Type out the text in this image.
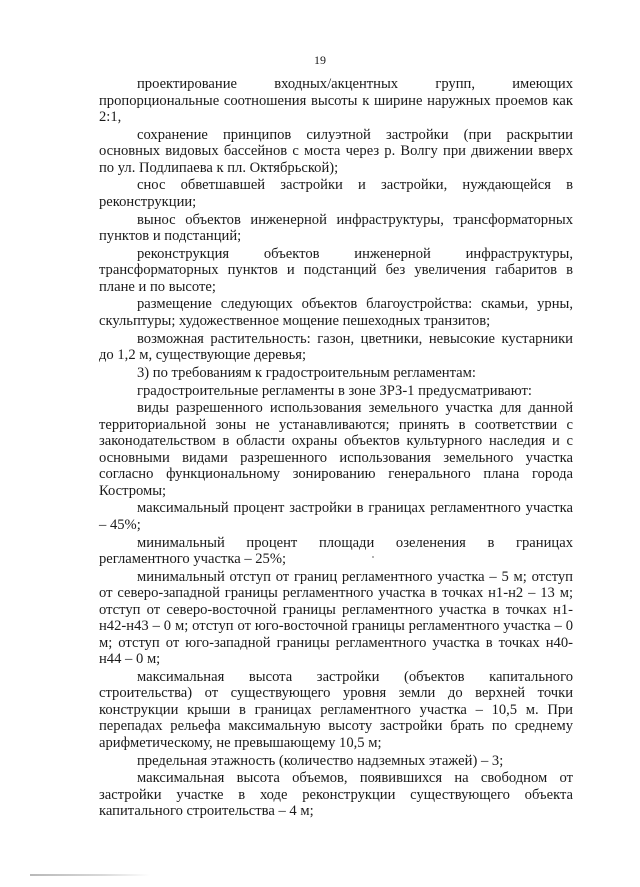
19

проектирование входных/акцентных групп, имеющих пропорциональные соотношения высоты к ширине наружных проемов как 2:1,

сохранение принципов силуэтной застройки (при раскрытии основных видовых бассейнов с моста через р. Волгу при движении вверх по ул. Подлипаева к пл. Октябрьской);

снос обветшавшей застройки и застройки, нуждающейся в реконструкции;

вынос объектов инженерной инфраструктуры, трансформаторных пунктов и подстанций;

реконструкция объектов инженерной инфраструктуры, трансформаторных пунктов и подстанций без увеличения габаритов в плане и по высоте;

размещение следующих объектов благоустройства: скамьи, урны, скульптуры; художественное мощение пешеходных транзитов;

возможная растительность: газон, цветники, невысокие кустарники до 1,2 м, существующие деревья;

3) по требованиям к градостроительным регламентам:

градостроительные регламенты в зоне ЗРЗ-1 предусматривают:

виды разрешенного использования земельного участка для данной территориальной зоны не устанавливаются; принять в соответствии с законодательством в области охраны объектов культурного наследия и с основными видами разрешенного использования земельного участка согласно функциональному зонированию генерального плана города Костромы;

максимальный процент застройки в границах регламентного участка – 45%;

минимальный процент площади озеленения в границах регламентного участка – 25%;

минимальный отступ от границ регламентного участка – 5 м; отступ от северо-западной границы регламентного участка в точках н1-н2 – 13 м; отступ от северо-восточной границы регламентного участка в точках н1-н42-н43 – 0 м; отступ от юго-восточной границы регламентного участка – 0 м; отступ от юго-западной границы регламентного участка в точках н40-н44 – 0 м;

максимальная высота застройки (объектов капитального строительства) от существующего уровня земли до верхней точки конструкции крыши в границах регламентного участка – 10,5 м. При перепадах рельефа максимальную высоту застройки брать по среднему арифметическому, не превышающему 10,5 м;

предельная этажность (количество надземных этажей) – 3;

максимальная высота объемов, появившихся на свободном от застройки участке в ходе реконструкции существующего объекта капитального строительства – 4 м;
